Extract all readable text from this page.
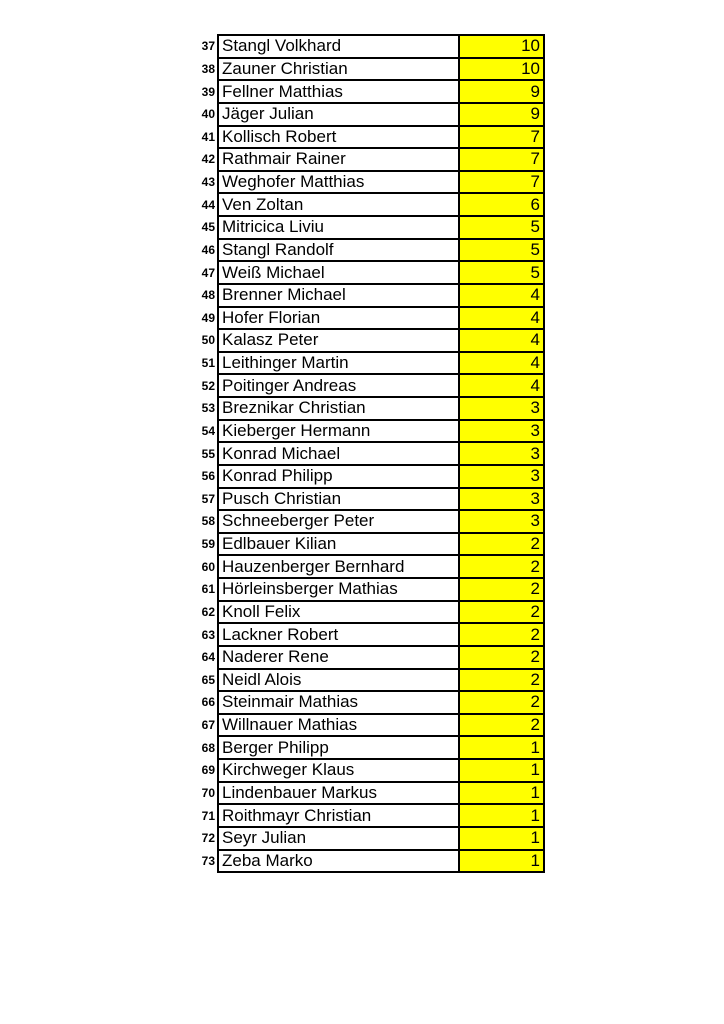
37	Stangl Volkhard	10
38	Zauner Christian	10
39	Fellner Matthias	9
40	Jäger Julian	9
41	Kollisch Robert	7
42	Rathmair Rainer	7
43	Weghofer Matthias	7
44	Ven Zoltan	6
45	Mitricica Liviu	5
46	Stangl Randolf	5
47	Weiß Michael	5
48	Brenner Michael	4
49	Hofer Florian	4
50	Kalasz Peter	4
51	Leithinger Martin	4
52	Poitinger Andreas	4
53	Breznikar Christian	3
54	Kieberger Hermann	3
55	Konrad Michael	3
56	Konrad Philipp	3
57	Pusch Christian	3
58	Schneeberger Peter	3
59	Edlbauer Kilian	2
60	Hauzenberger Bernhard	2
61	Hörleinsberger Mathias	2
62	Knoll Felix	2
63	Lackner Robert	2
64	Naderer Rene	2
65	Neidl Alois	2
66	Steinmair Mathias	2
67	Willnauer Mathias	2
68	Berger Philipp	1
69	Kirchweger Klaus	1
70	Lindenbauer Markus	1
71	Roithmayr Christian	1
72	Seyr Julian	1
73	Zeba Marko	1
